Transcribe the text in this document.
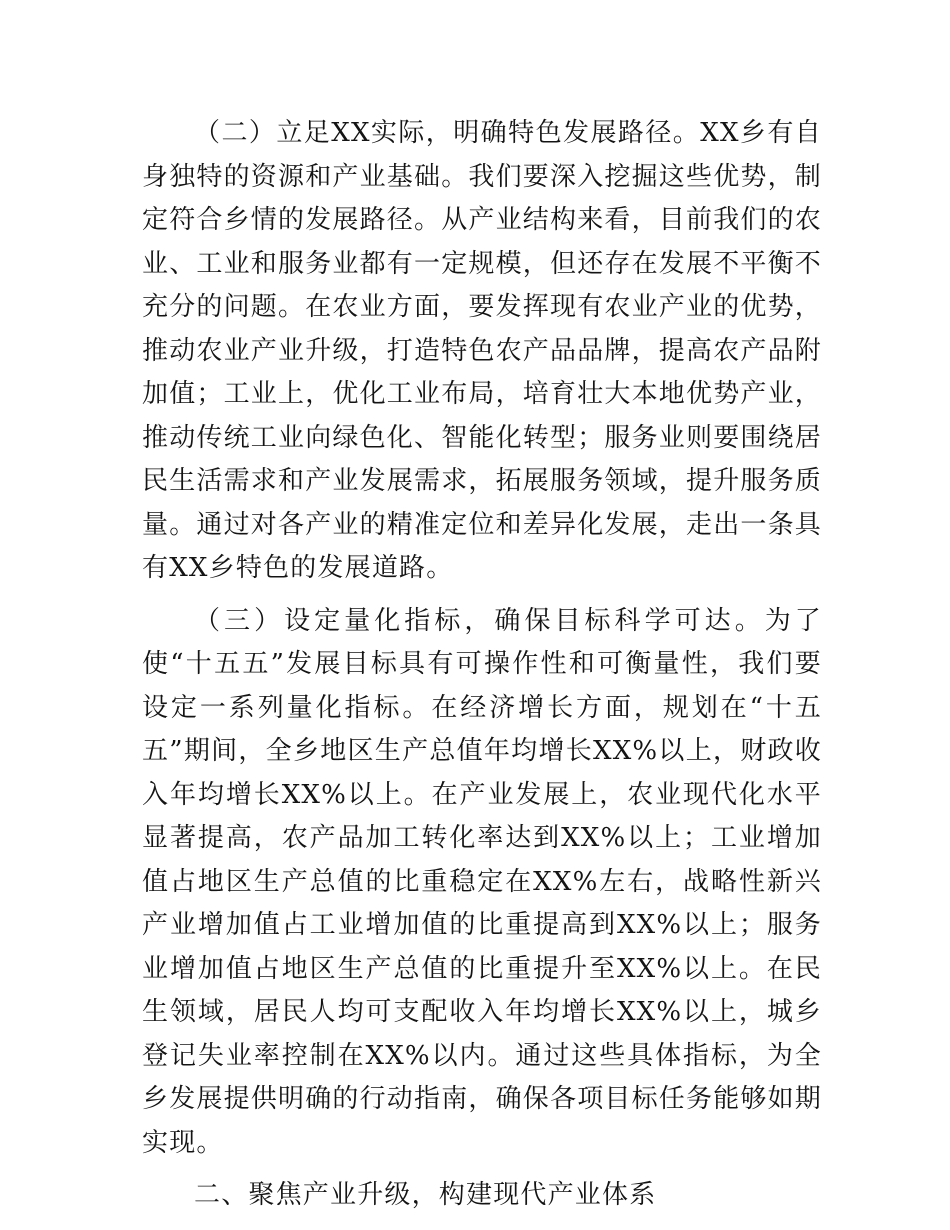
（二）立足XX实际，明确特色发展路径。XX乡有自身独特的资源和产业基础。我们要深入挖掘这些优势，制定符合乡情的发展路径。从产业结构来看，目前我们的农业、工业和服务业都有一定规模，但还存在发展不平衡不充分的问题。在农业方面，要发挥现有农业产业的优势，推动农业产业升级，打造特色农产品品牌，提高农产品附加值；工业上，优化工业布局，培育壮大本地优势产业，推动传统工业向绿色化、智能化转型；服务业则要围绕居民生活需求和产业发展需求，拓展服务领域，提升服务质量。通过对各产业的精准定位和差异化发展，走出一条具有XX乡特色的发展道路。

（三）设定量化指标，确保目标科学可达。为了使“十五五”发展目标具有可操作性和可衡量性，我们要设定一系列量化指标。在经济增长方面，规划在“十五五”期间，全乡地区生产总值年均增长XX%以上，财政收入年均增长XX%以上。在产业发展上，农业现代化水平显著提高，农产品加工转化率达到XX%以上；工业增加值占地区生产总值的比重稳定在XX%左右，战略性新兴产业增加值占工业增加值的比重提高到XX%以上；服务业增加值占地区生产总值的比重提升至XX%以上。在民生领域，居民人均可支配收入年均增长XX%以上，城乡登记失业率控制在XX%以内。通过这些具体指标，为全乡发展提供明确的行动指南，确保各项目标任务能够如期实现。

二、聚焦产业升级，构建现代产业体系
